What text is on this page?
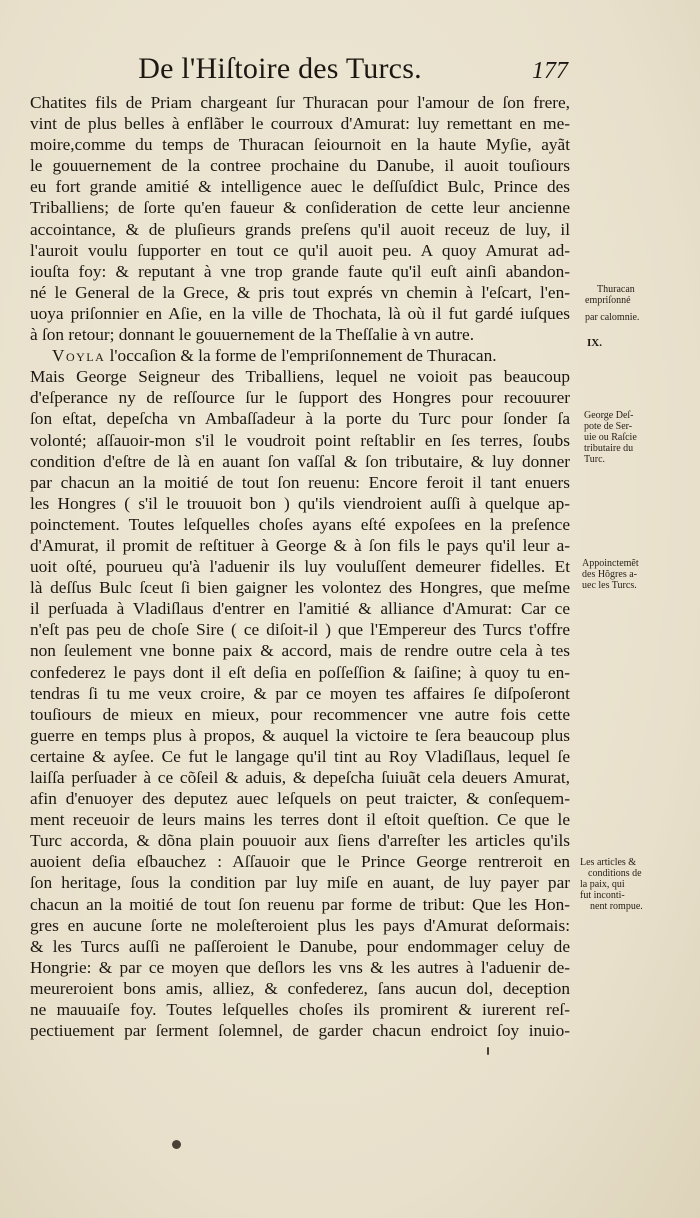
De l'Hiſtoire des Turcs.	177
Chatites fils de Priam chargeant ſur Thuracan pour l'amour de ſon frere,
vint de plus belles à enflãber le courroux d'Amurat: luy remettant en me-
moire,comme du temps de Thuracan ſeiournoit en la haute Myſie, ayãt
le gouuernement de la contree prochaine du Danube, il auoit touſiours
eu fort grande amitié & intelligence auec le deſſuſdict Bulc, Prince des
Triballiens; de ſorte qu'en faueur & conſideration de cette leur ancienne
accointance, & de pluſieurs grands preſens qu'il auoit receuz de luy, il
l'auroit voulu ſupporter en tout ce qu'il auoit peu. A quoy Amurat ad-
iouſta foy: & reputant à vne trop grande faute qu'il euſt ainſi abandon-
né le General de la Grece, & pris tout exprés vn chemin à l'eſcart, l'en-
uoya priſonnier en Aſie, en la ville de Thochata, là où il fut gardé iuſques
à ſon retour; donnant le gouuernement de la Theſſalie à vn autre.
Voyla l'occaſion & la forme de l'empriſonnement de Thuracan.
Mais George Seigneur des Triballiens, lequel ne voioit pas beaucoup
d'eſperance ny de reſſource ſur le ſupport des Hongres pour recouurer
ſon eſtat, depeſcha vn Ambaſſadeur à la porte du Turc pour ſonder ſa
volonté; aſſauoir-mon s'il le voudroit point reſtablir en ſes terres, ſoubs
condition d'eſtre de là en auant ſon vaſſal & ſon tributaire, & luy donner
par chacun an la moitié de tout ſon reuenu: Encore feroit il tant enuers
les Hongres ( s'il le trouuoit bon ) qu'ils viendroient auſſi à quelque ap-
poinctement. Toutes leſquelles choſes ayans eſté expoſees en la preſence
d'Amurat, il promit de reſtituer à George & à ſon fils le pays qu'il leur a-
uoit oſté, pourueu qu'à l'aduenir ils luy vouluſſent demeurer fidelles. Et
là deſſus Bulc ſceut ſi bien gaigner les volontez des Hongres, que meſme
il perſuada à Vladiſlaus d'entrer en l'amitié & alliance d'Amurat: Car ce
n'eſt pas peu de choſe Sire ( ce diſoit-il ) que l'Empereur des Turcs t'offre
non ſeulement vne bonne paix & accord, mais de rendre outre cela à tes
confederez le pays dont il eſt deſia en poſſeſſion & ſaiſine; à quoy tu en-
tendras ſi tu me veux croire, & par ce moyen tes affaires ſe diſpoſeront
touſiours de mieux en mieux, pour recommencer vne autre fois cette
guerre en temps plus à propos, & auquel la victoire te ſera beaucoup plus
certaine & ayſee. Ce fut le langage qu'il tint au Roy Vladiſlaus, lequel ſe
laiſſa perſuader à ce cõſeil & aduis, & depeſcha ſuiuãt cela deuers Amurat,
afin d'enuoyer des deputez auec leſquels on peut traicter, & conſequem-
ment receuoir de leurs mains les terres dont il eſtoit queſtion. Ce que le
Turc accorda, & dõna plain pouuoir aux ſiens d'arreſter les articles qu'ils
auoient deſia eſbauchez : Aſſauoir que le Prince George rentreroit en
ſon heritage, ſous la condition par luy miſe en auant, de luy payer par
chacun an la moitié de tout ſon reuenu par forme de tribut: Que les Hon-
gres en aucune ſorte ne moleſteroient plus les pays d'Amurat deſormais:
& les Turcs auſſi ne paſſeroient le Danube, pour endommager celuy de
Hongrie: & par ce moyen que deſlors les vns & les autres à l'aduenir de-
meureroient bons amis, alliez, & confederez, ſans aucun dol, deception
ne mauuaiſe foy. Toutes leſquelles choſes ils promirent & iurerent reſ-
pectiuement par ſerment ſolemnel, de garder chacun endroict ſoy inuio-
Thuracan
empriſonné
par calomnie.
IX.
George Deſ-
pote de Ser-
uie ou Raſcie
tributaire du
Turc.
Appoinctemẽt
des Hõgres a-
uec les Turcs.
Les articles &
conditions de
la paix, qui
fut inconti-
nent rompue.
